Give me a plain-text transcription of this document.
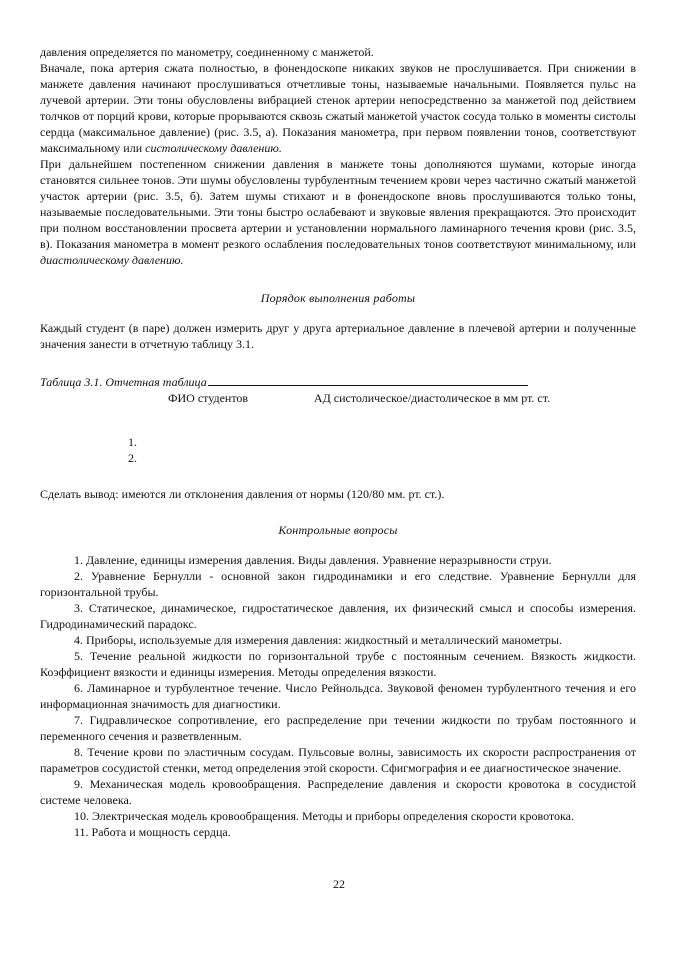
давления определяется по манометру, соединенному с манжетой.

Вначале, пока артерия сжата полностью, в фонендоскопе никаких звуков не прослушивается. При снижении в манжете давления начинают прослушиваться отчетливые тоны, называемые начальными. Появляется пульс на лучевой артерии. Эти тоны обусловлены вибрацией стенок артерии непосредственно за манжетой под действием толчков от порций крови, которые прорываются сквозь сжатый манжетой участок сосуда только в моменты систолы сердца (максимальное давление) (рис. 3.5, а). Показания манометра, при первом появлении тонов, соответствуют максимальному или систолическому давлению.

При дальнейшем постепенном снижении давления в манжете тоны дополняются шумами, которые иногда становятся сильнее тонов. Эти шумы обусловлены турбулентным течением крови через частично сжатый манжетой участок артерии (рис. 3.5, б). Затем шумы стихают и в фонендоскопе вновь прослушиваются только тоны, называемые последовательными. Эти тоны быстро ослабевают и звуковые явления прекращаются. Это происходит при полном восстановлении просвета артерии и установлении нормального ламинарного течения крови (рис. 3.5, в). Показания манометра в момент резкого ослабления последовательных тонов соответствуют минимальному, или диастолическому давлению.

Порядок выполнения работы

Каждый студент (в паре) должен измерить друг у друга артериальное давление в плечевой артерии и полученные значения занести в отчетную таблицу 3.1.

Таблица 3.1. Отчетная таблица

ФИО студентов	АД систолическое/диастолическое в мм рт. ст.
1.
2.

Сделать вывод: имеются ли отклонения давления от нормы (120/80 мм. рт. ст.).

Контрольные вопросы

1. Давление, единицы измерения давления. Виды давления. Уравнение неразрывности струи.

2. Уравнение Бернулли - основной закон гидродинамики и его следствие. Уравнение Бернулли для горизонтальной трубы.

3. Статическое, динамическое, гидростатическое давления, их физический смысл и способы измерения. Гидродинамический парадокс.

4. Приборы, используемые для измерения давления: жидкостный и металлический манометры.

5. Течение реальной жидкости по горизонтальной трубе с постоянным сечением. Вязкость жидкости. Коэффициент вязкости и единицы измерения. Методы определения вязкости.

6. Ламинарное и турбулентное течение. Число Рейнольдса. Звуковой феномен турбулентного течения и его информационная значимость для диагностики.

7. Гидравлическое сопротивление, его распределение при течении жидкости по трубам постоянного и переменного сечения и разветвленным.

8. Течение крови по эластичным сосудам. Пульсовые волны, зависимость их скорости распространения от параметров сосудистой стенки, метод определения этой скорости. Сфигмография и ее диагностическое значение.

9. Механическая модель кровообращения. Распределение давления и скорости кровотока в сосудистой системе человека.

10. Электрическая модель кровообращения. Методы и приборы определения скорости кровотока.

11. Работа и мощность сердца.

22
